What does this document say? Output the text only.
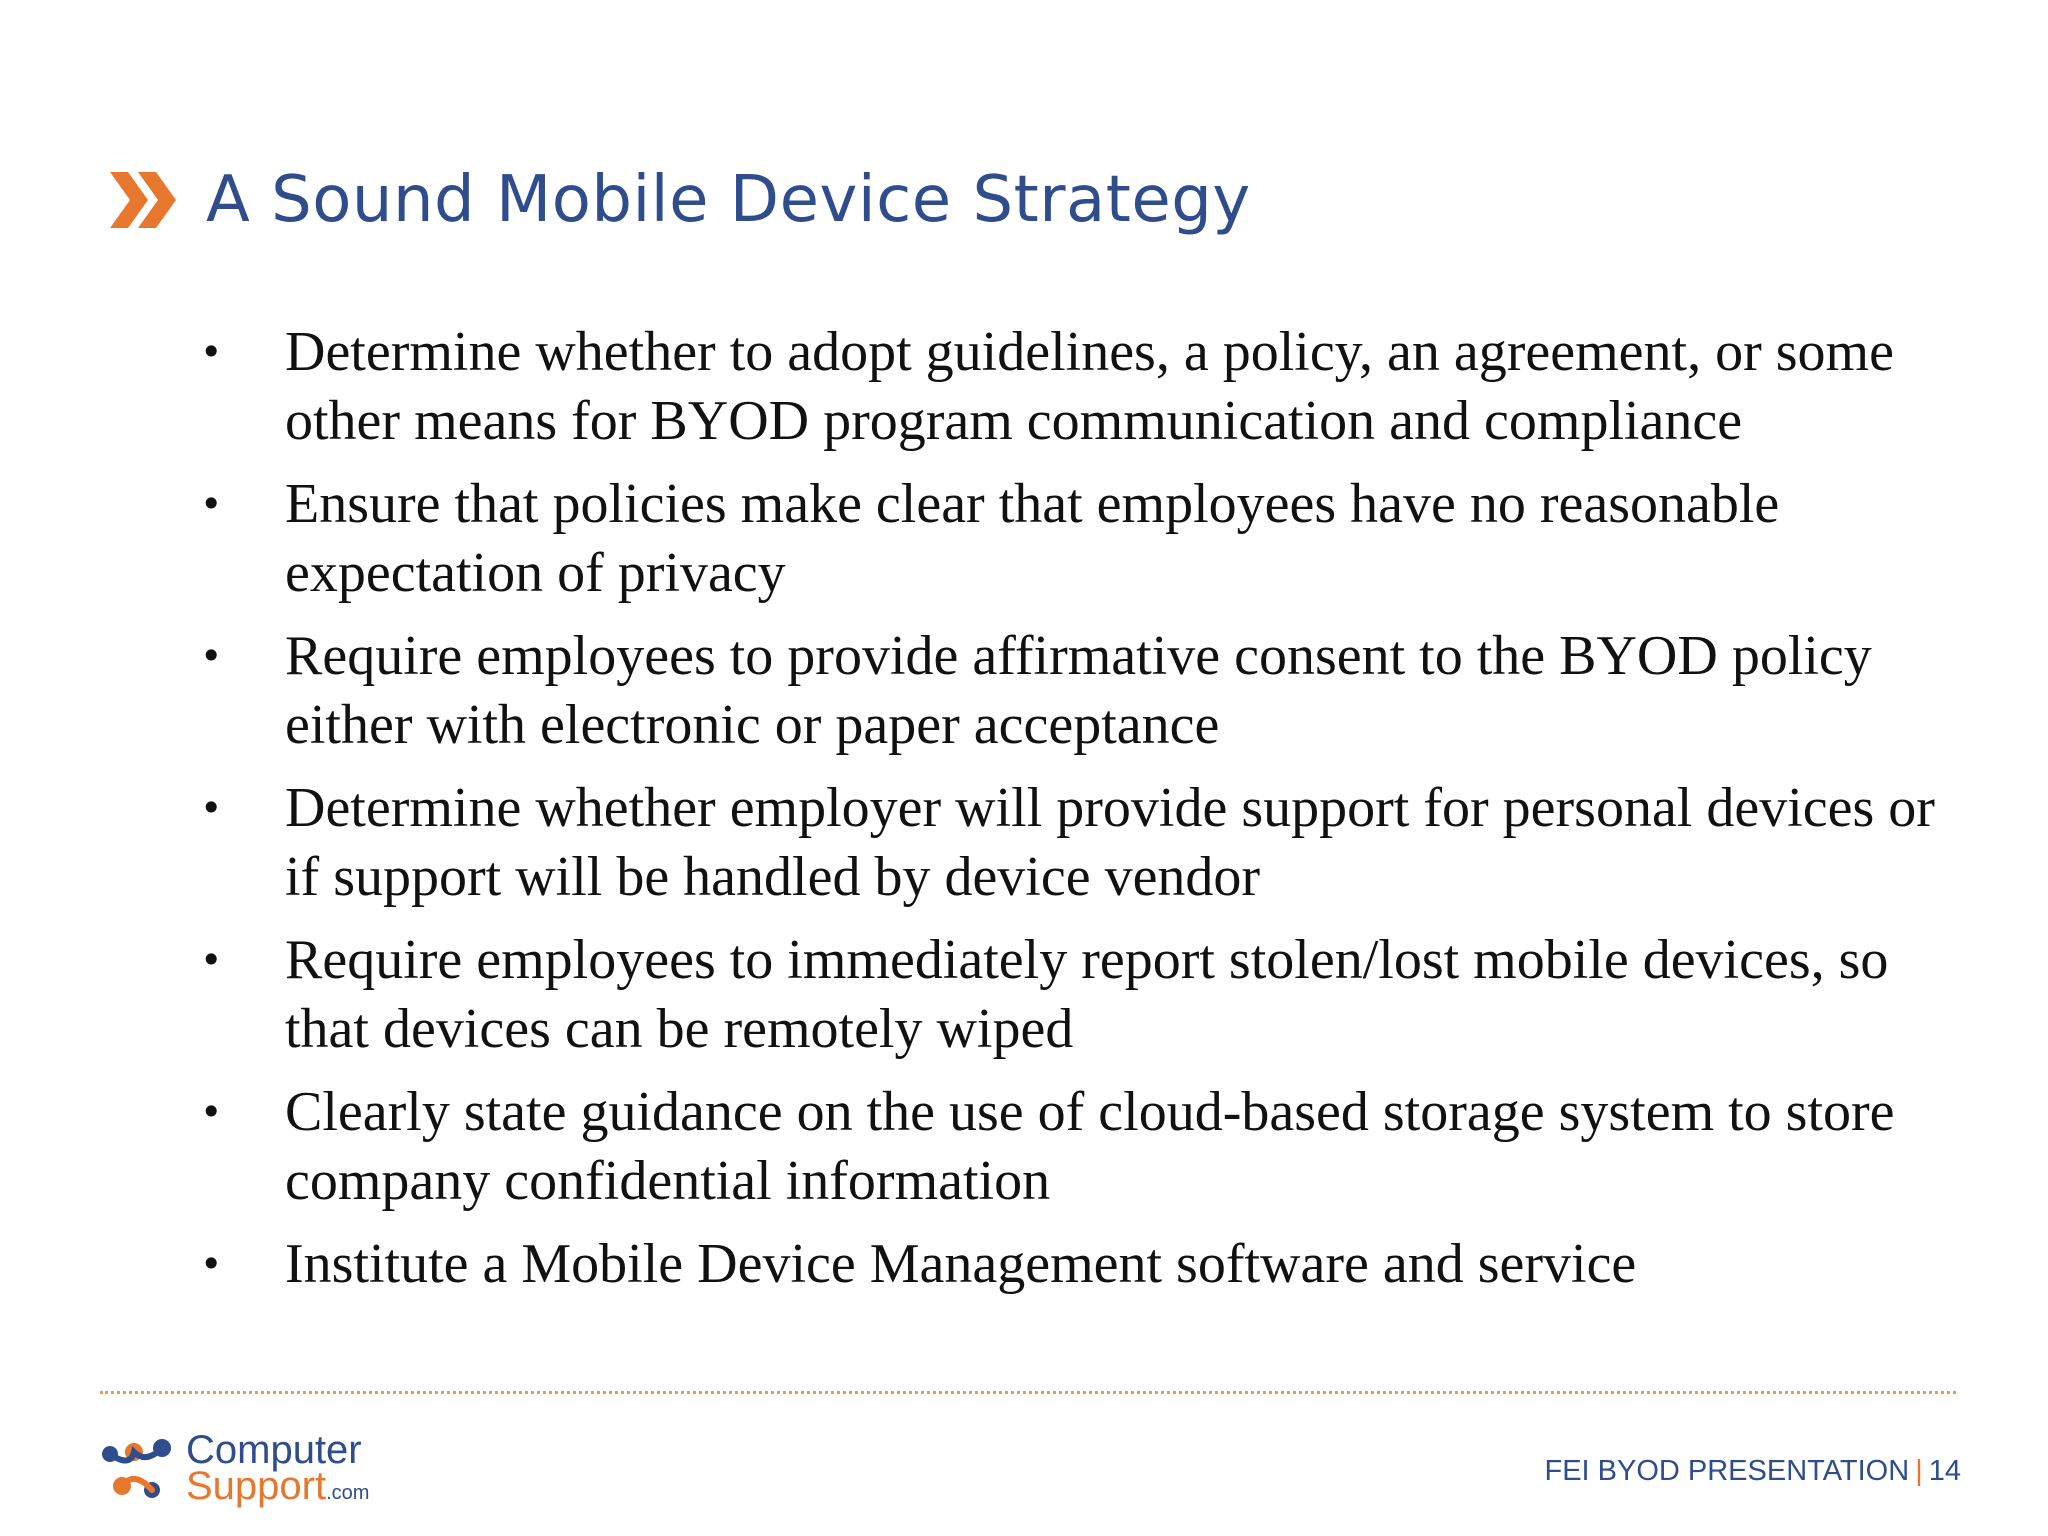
A Sound Mobile Device Strategy
•	Determine whether to adopt guidelines, a policy, an agreement, or some other means for BYOD program communication and compliance
•	Ensure that policies make clear that employees have no reasonable expectation of privacy
•	Require employees to provide affirmative consent to the BYOD policy either with electronic or paper acceptance
•	Determine whether employer will provide support for personal devices or if support will be handled by device vendor
•	Require employees to immediately report stolen/lost mobile devices, so that devices can be remotely wiped
•	Clearly state guidance on the use of cloud-based storage system to store company confidential information
•	Institute a Mobile Device Management software and service
Computer
Support.com
FEI BYOD PRESENTATION | 14
